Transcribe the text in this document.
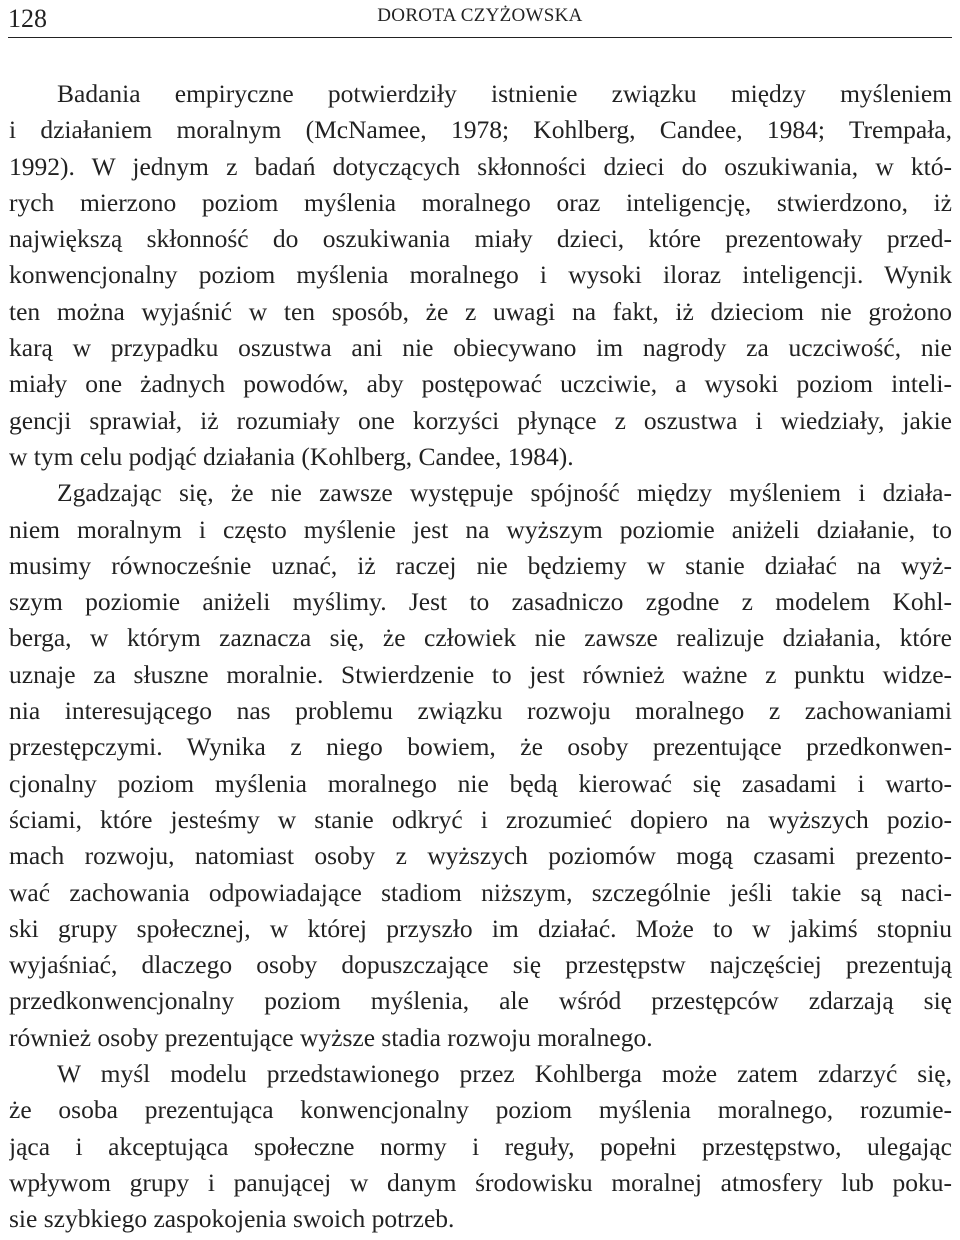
128	DOROTA CZYŻOWSKA
Badania empiryczne potwierdziły istnienie związku między myśleniem
i działaniem moralnym (McNamee, 1978; Kohlberg, Candee, 1984; Trempała,
1992). W jednym z badań dotyczących skłonności dzieci do oszukiwania, w któ-
rych mierzono poziom myślenia moralnego oraz inteligencję, stwierdzono, iż
największą skłonność do oszukiwania miały dzieci, które prezentowały przed-
konwencjonalny poziom myślenia moralnego i wysoki iloraz inteligencji. Wynik
ten można wyjaśnić w ten sposób, że z uwagi na fakt, iż dzieciom nie grożono
karą w przypadku oszustwa ani nie obiecywano im nagrody za uczciwość, nie
miały one żadnych powodów, aby postępować uczciwie, a wysoki poziom inteli-
gencji sprawiał, iż rozumiały one korzyści płynące z oszustwa i wiedziały, jakie
w tym celu podjąć działania (Kohlberg, Candee, 1984).
Zgadzając się, że nie zawsze występuje spójność między myśleniem i działa-
niem moralnym i często myślenie jest na wyższym poziomie aniżeli działanie, to
musimy równocześnie uznać, iż raczej nie będziemy w stanie działać na wyż-
szym poziomie aniżeli myślimy. Jest to zasadniczo zgodne z modelem Kohl-
berga, w którym zaznacza się, że człowiek nie zawsze realizuje działania, które
uznaje za słuszne moralnie. Stwierdzenie to jest również ważne z punktu widze-
nia interesującego nas problemu związku rozwoju moralnego z zachowaniami
przestępczymi. Wynika z niego bowiem, że osoby prezentujące przedkonwen-
cjonalny poziom myślenia moralnego nie będą kierować się zasadami i warto-
ściami, które jesteśmy w stanie odkryć i zrozumieć dopiero na wyższych pozio-
mach rozwoju, natomiast osoby z wyższych poziomów mogą czasami prezento-
wać zachowania odpowiadające stadiom niższym, szczególnie jeśli takie są naci-
ski grupy społecznej, w której przyszło im działać. Może to w jakimś stopniu
wyjaśniać, dlaczego osoby dopuszczające się przestępstw najczęściej prezentują
przedkonwencjonalny poziom myślenia, ale wśród przestępców zdarzają się
również osoby prezentujące wyższe stadia rozwoju moralnego.
W myśl modelu przedstawionego przez Kohlberga może zatem zdarzyć się,
że osoba prezentująca konwencjonalny poziom myślenia moralnego, rozumie-
jąca i akceptująca społeczne normy i reguły, popełni przestępstwo, ulegając
wpływom grupy i panującej w danym środowisku moralnej atmosfery lub poku-
sie szybkiego zaspokojenia swoich potrzeb.
